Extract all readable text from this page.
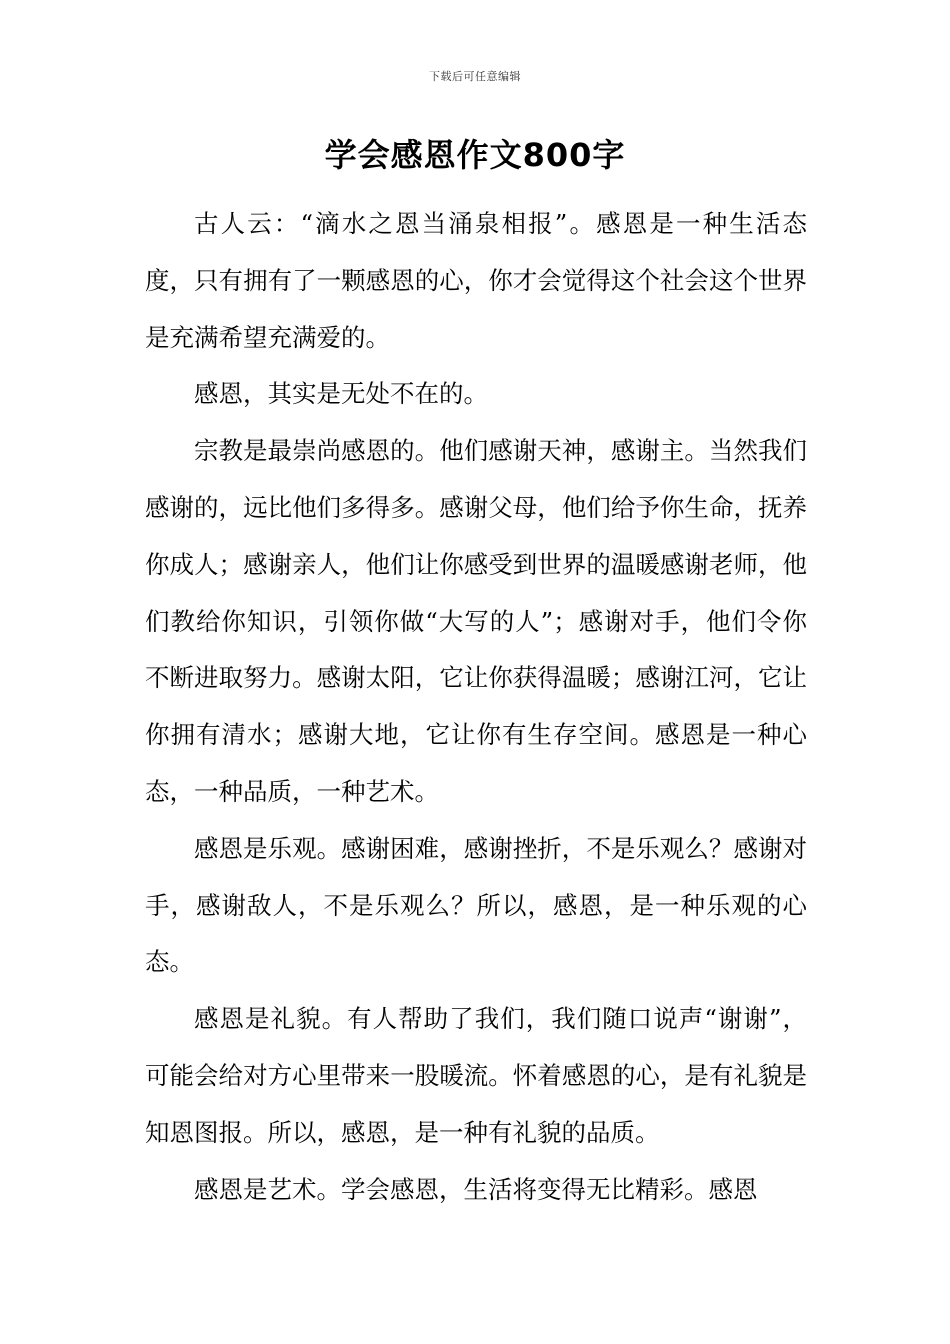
下载后可任意编辑
学会感恩作文800字

古人云：“滴水之恩当涌泉相报”。感恩是一种生活态度，只有拥有了一颗感恩的心，你才会觉得这个社会这个世界是充满希望充满爱的。

感恩，其实是无处不在的。

宗教是最崇尚感恩的。他们感谢天神，感谢主。当然我们感谢的，远比他们多得多。感谢父母，他们给予你生命，抚养你成人；感谢亲人，他们让你感受到世界的温暖感谢老师，他们教给你知识，引领你做“大写的人”；感谢对手，他们令你不断进取努力。感谢太阳，它让你获得温暖；感谢江河，它让你拥有清水；感谢大地，它让你有生存空间。感恩是一种心态，一种品质，一种艺术。

感恩是乐观。感谢困难，感谢挫折，不是乐观么？感谢对手，感谢敌人，不是乐观么？所以，感恩，是一种乐观的心态。

感恩是礼貌。有人帮助了我们，我们随口说声“谢谢”，可能会给对方心里带来一股暖流。怀着感恩的心，是有礼貌是知恩图报。所以，感恩，是一种有礼貌的品质。

感恩是艺术。学会感恩，生活将变得无比精彩。感恩
